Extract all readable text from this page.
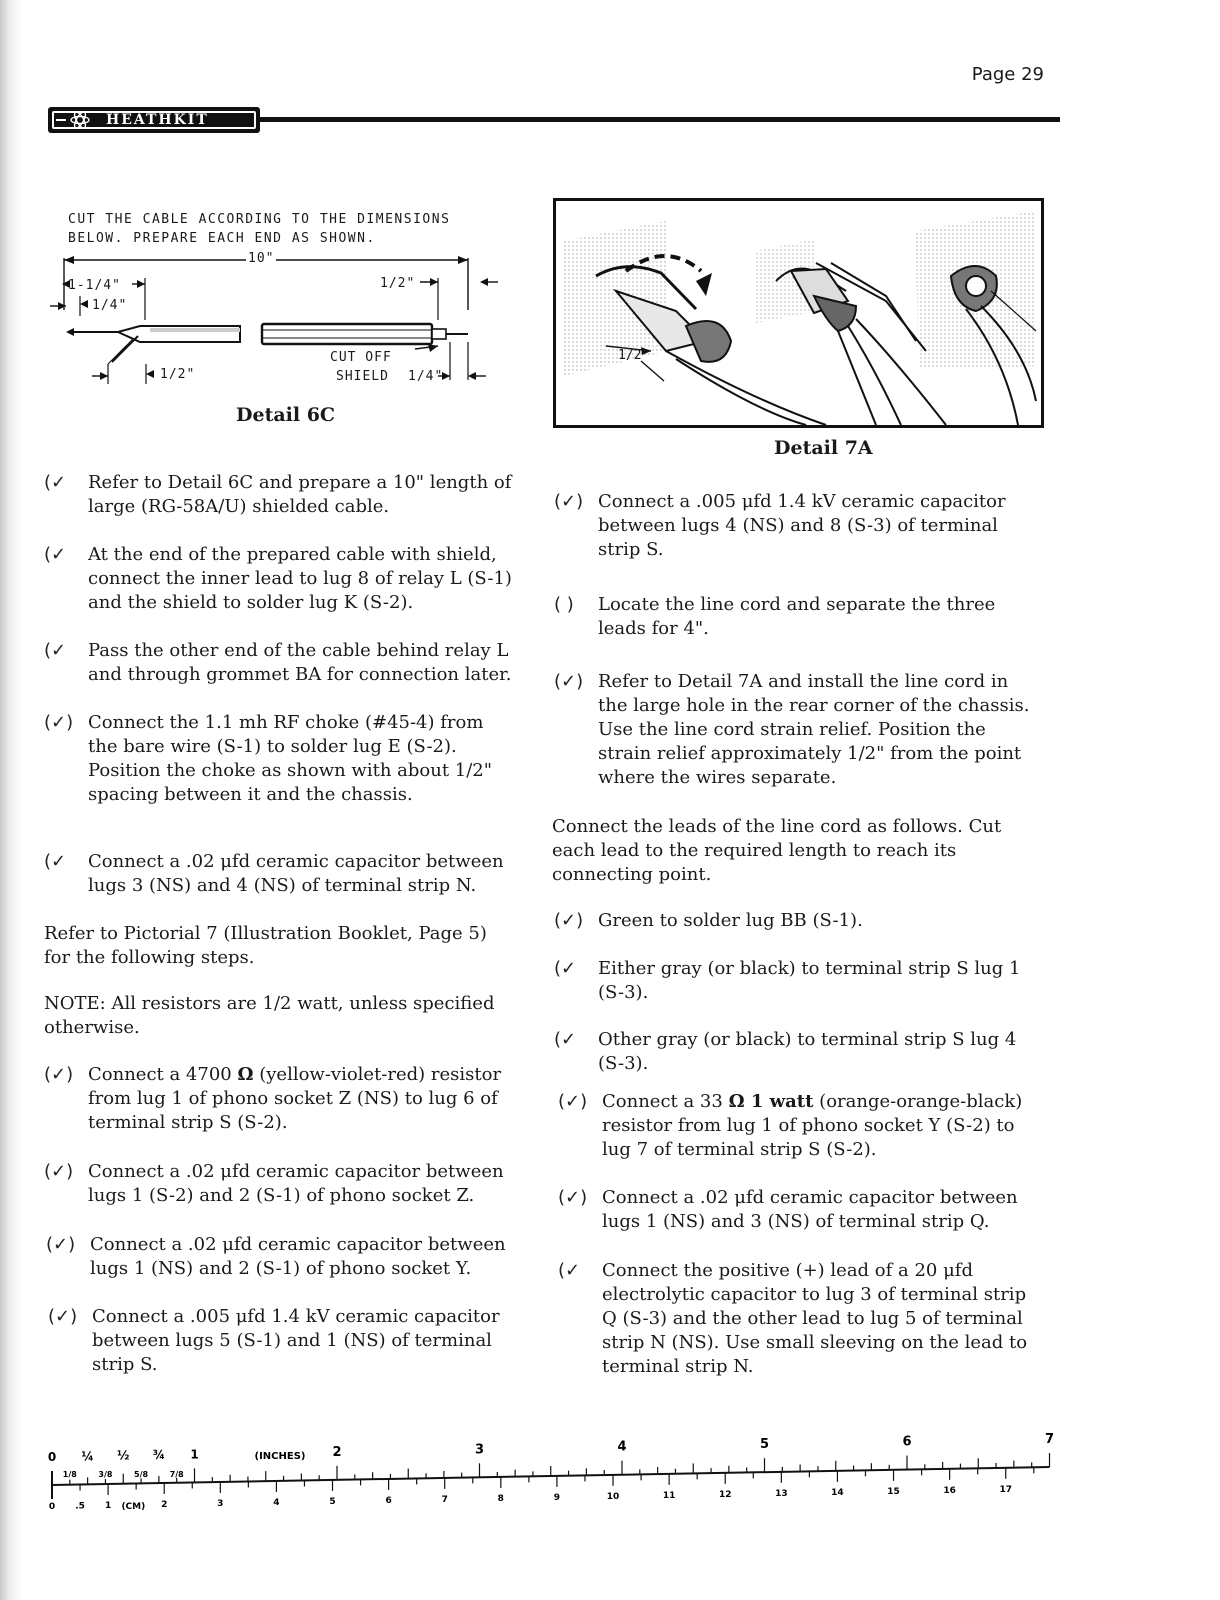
Page 29
HEATHKIT
CUT THE CABLE ACCORDING TO THE DIMENSIONS
BELOW. PREPARE EACH END AS SHOWN.
10"
1-1/4"
1/4"
1/2"
1/2"
CUT OFF
SHIELD 1/4"
Detail 6C
1/2"
Detail 7A
(✓	Refer to Detail 6C and prepare a 10" length of large (RG-58A/U) shielded cable.
(✓	At the end of the prepared cable with shield, connect the inner lead to lug 8 of relay L (S-1) and the shield to solder lug K (S-2).
(✓	Pass the other end of the cable behind relay L and through grommet BA for connection later.
(✓) Connect the 1.1 mh RF choke (#45-4) from the bare wire (S-1) to solder lug E (S-2). Position the choke as shown with about 1/2" spacing between it and the chassis.
(✓	Connect a .02 μfd ceramic capacitor between lugs 3 (NS) and 4 (NS) of terminal strip N.
Refer to Pictorial 7 (Illustration Booklet, Page 5) for the following steps.
NOTE: All resistors are 1/2 watt, unless specified otherwise.
(✓) Connect a 4700 Ω (yellow-violet-red) resistor from lug 1 of phono socket Z (NS) to lug 6 of terminal strip S (S-2).
(✓) Connect a .02 μfd ceramic capacitor between lugs 1 (S-2) and 2 (S-1) of phono socket Z.
(✓) Connect a .02 μfd ceramic capacitor between lugs 1 (NS) and 2 (S-1) of phono socket Y.
(✓) Connect a .005 μfd 1.4 kV ceramic capacitor between lugs 5 (S-1) and 1 (NS) of terminal strip S.
(✓) Connect a .005 μfd 1.4 kV ceramic capacitor between lugs 4 (NS) and 8 (S-3) of terminal strip S.
( )	Locate the line cord and separate the three leads for 4".
(✓) Refer to Detail 7A and install the line cord in the large hole in the rear corner of the chassis. Use the line cord strain relief. Position the strain relief approximately 1/2" from the point where the wires separate.
Connect the leads of the line cord as follows. Cut each lead to the required length to reach its connecting point.
(✓) Green to solder lug BB (S-1).
(✓	Either gray (or black) to terminal strip S lug 1 (S-3).
(✓	Other gray (or black) to terminal strip S lug 4 (S-3).
(✓) Connect a 33 Ω 1 watt (orange-orange-black) resistor from lug 1 of phono socket Y (S-2) to lug 7 of terminal strip S (S-2).
(✓) Connect a .02 μfd ceramic capacitor between lugs 1 (NS) and 3 (NS) of terminal strip Q.
(✓	Connect the positive (+) lead of a 20 μfd electrolytic capacitor to lug 3 of terminal strip Q (S-3) and the other lead to lug 5 of terminal strip N (NS). Use small sleeving on the lead to terminal strip N.
0 ¼ ½ ¾ 1	2	3	4	5	6	7
(INCHES)
1/8	3/8	5/8	7/8
0 .5 1	2	3	4	5	6	7	8	9	10	11	12	13	14	15	16	17
(CM)
